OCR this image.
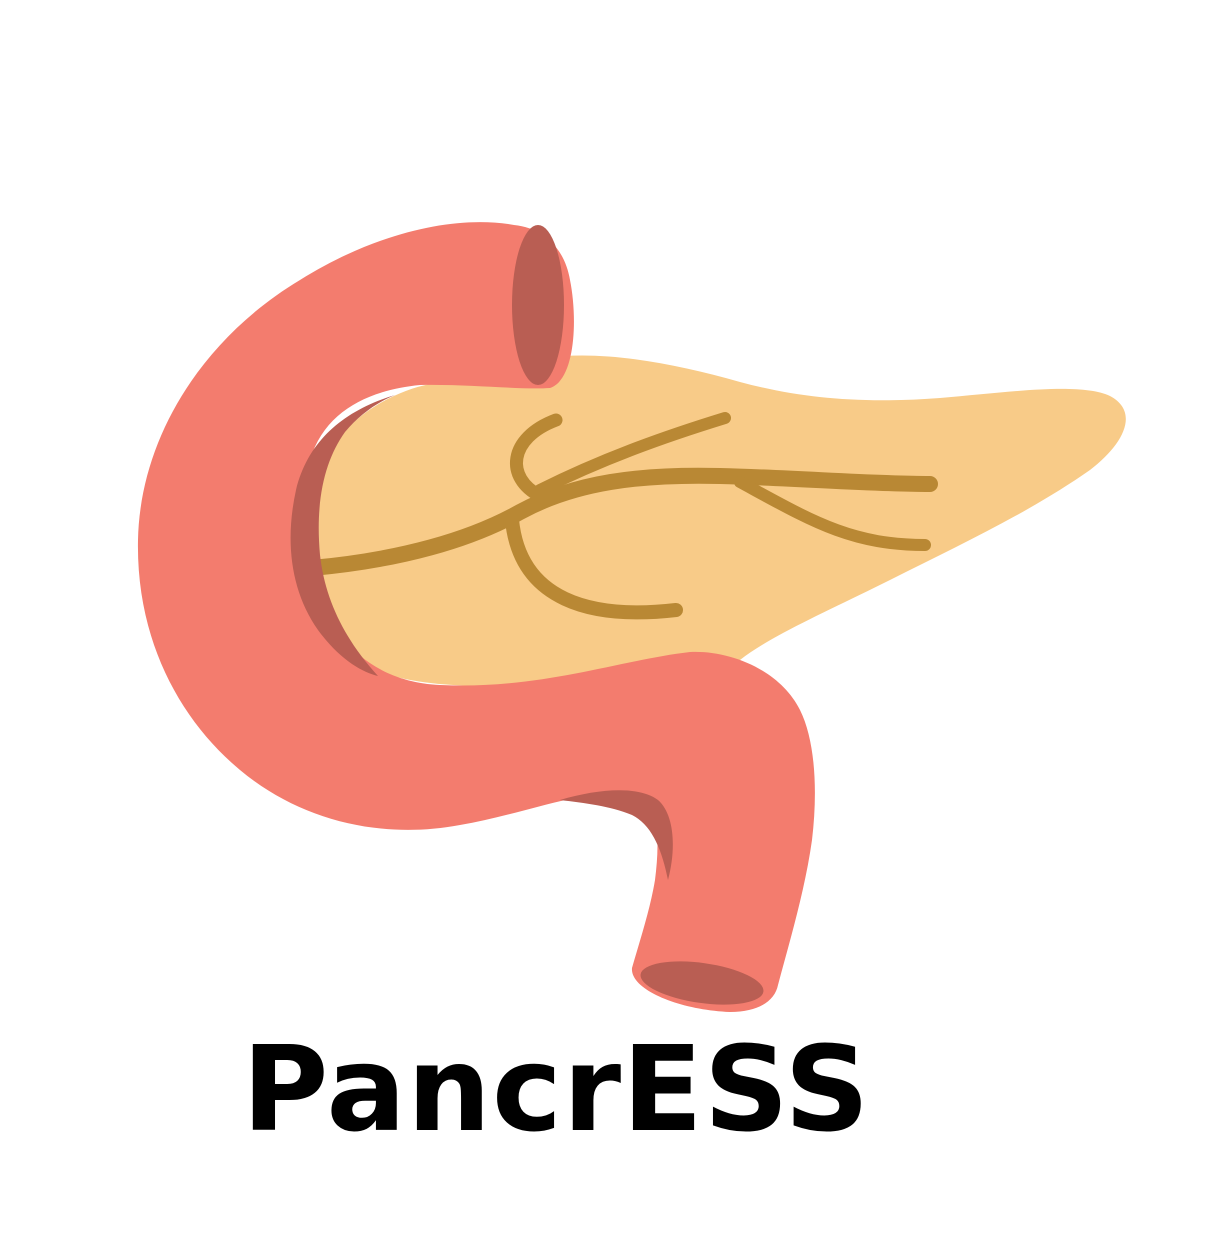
PancrESS
